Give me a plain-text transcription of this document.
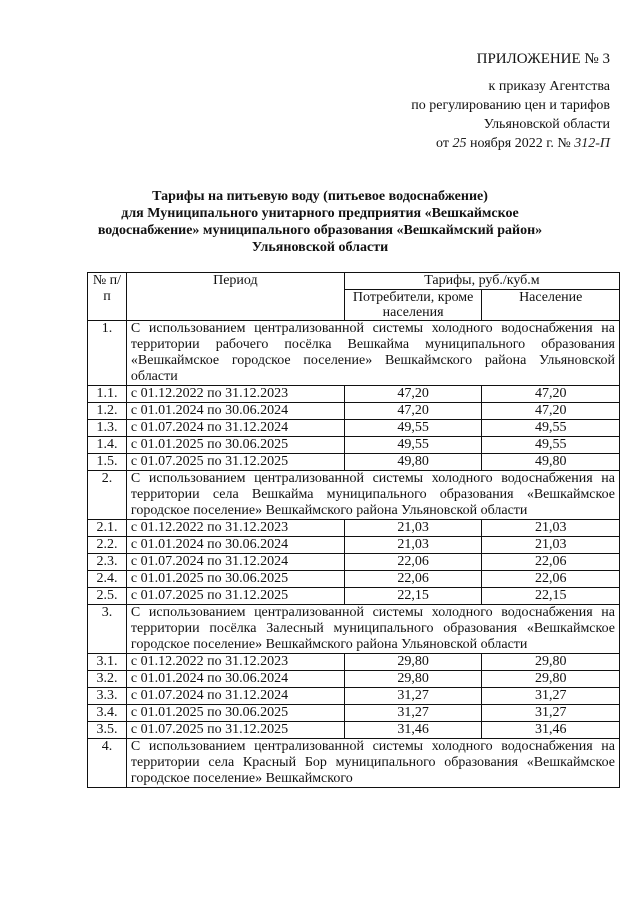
ПРИЛОЖЕНИЕ № 3
к приказу Агентства
по регулированию цен и тарифов
Ульяновской области
от 25 ноября 2022 г. № 312-П
Тарифы на питьевую воду (питьевое водоснабжение)
для Муниципального унитарного предприятия «Вешкаймское
водоснабжение» муниципального образования «Вешкаймский район»
Ульяновской области
№ п/п	Период	Тарифы, руб./куб.м	
		Потребители, кроме населения	Население
1.	С использованием централизованной системы холодного водоснабжения на территории рабочего посёлка Вешкайма муниципального образования «Вешкаймское городское поселение» Вешкаймского района Ульяновской области		
1.1.	с 01.12.2022 по 31.12.2023	47,20	47,20
1.2.	с 01.01.2024 по 30.06.2024	47,20	47,20
1.3.	с 01.07.2024 по 31.12.2024	49,55	49,55
1.4.	с 01.01.2025 по 30.06.2025	49,55	49,55
1.5.	с 01.07.2025 по 31.12.2025	49,80	49,80
2.	С использованием централизованной системы холодного водоснабжения на территории села Вешкайма муниципального образования «Вешкаймское городское поселение» Вешкаймского района Ульяновской области		
2.1.	с 01.12.2022 по 31.12.2023	21,03	21,03
2.2.	с 01.01.2024 по 30.06.2024	21,03	21,03
2.3.	с 01.07.2024 по 31.12.2024	22,06	22,06
2.4.	с 01.01.2025 по 30.06.2025	22,06	22,06
2.5.	с 01.07.2025 по 31.12.2025	22,15	22,15
3.	С использованием централизованной системы холодного водоснабжения на территории посёлка Залесный муниципального образования «Вешкаймское городское поселение» Вешкаймского района Ульяновской области		
3.1.	с 01.12.2022 по 31.12.2023	29,80	29,80
3.2.	с 01.01.2024 по 30.06.2024	29,80	29,80
3.3.	с 01.07.2024 по 31.12.2024	31,27	31,27
3.4.	с 01.01.2025 по 30.06.2025	31,27	31,27
3.5.	с 01.07.2025 по 31.12.2025	31,46	31,46
4.	С использованием централизованной системы холодного водоснабжения на территории села Красный Бор муниципального образования «Вешкаймское городское поселение» Вешкаймского		
